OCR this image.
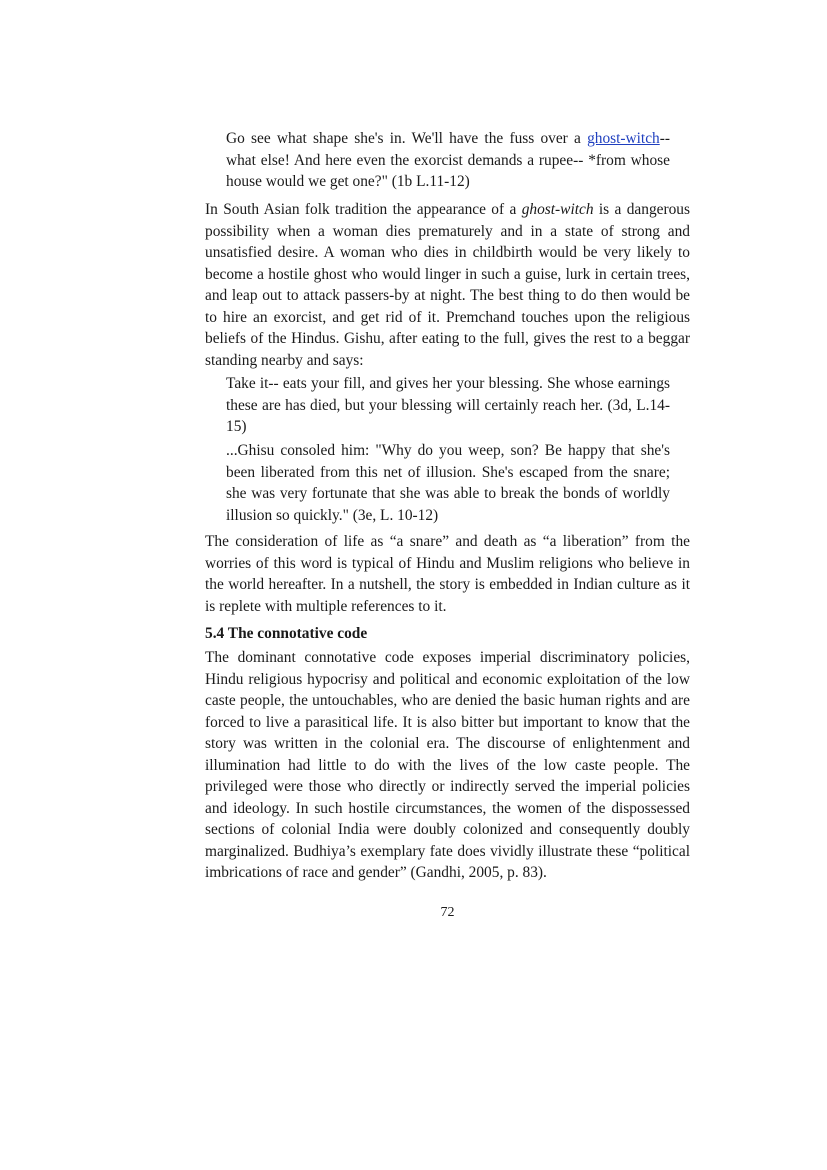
Go see what shape she's in. We'll have the fuss over a ghost-witch-- what else! And here even the exorcist demands a rupee-- *from whose house would we get one?" (1b L.11-12)

In South Asian folk tradition the appearance of a ghost-witch is a dangerous possibility when a woman dies prematurely and in a state of strong and unsatisfied desire. A woman who dies in childbirth would be very likely to become a hostile ghost who would linger in such a guise, lurk in certain trees, and leap out to attack passers-by at night. The best thing to do then would be to hire an exorcist, and get rid of it. Premchand touches upon the religious beliefs of the Hindus. Gishu, after eating to the full, gives the rest to a beggar standing nearby and says:

Take it-- eats your fill, and gives her your blessing. She whose earnings these are has died, but your blessing will certainly reach her. (3d, L.14-15)

...Ghisu consoled him: "Why do you weep, son? Be happy that she's been liberated from this net of illusion. She's escaped from the snare; she was very fortunate that she was able to break the bonds of worldly illusion so quickly." (3e, L. 10-12)

The consideration of life as “a snare” and death as “a liberation” from the worries of this word is typical of Hindu and Muslim religions who believe in the world hereafter. In a nutshell, the story is embedded in Indian culture as it is replete with multiple references to it.

5.4 The connotative code

The dominant connotative code exposes imperial discriminatory policies, Hindu religious hypocrisy and political and economic exploitation of the low caste people, the untouchables, who are denied the basic human rights and are forced to live a parasitical life. It is also bitter but important to know that the story was written in the colonial era. The discourse of enlightenment and illumination had little to do with the lives of the low caste people. The privileged were those who directly or indirectly served the imperial policies and ideology. In such hostile circumstances, the women of the dispossessed sections of colonial India were doubly colonized and consequently doubly marginalized. Budhiya’s exemplary fate does vividly illustrate these “political imbrications of race and gender” (Gandhi, 2005, p. 83).

72
